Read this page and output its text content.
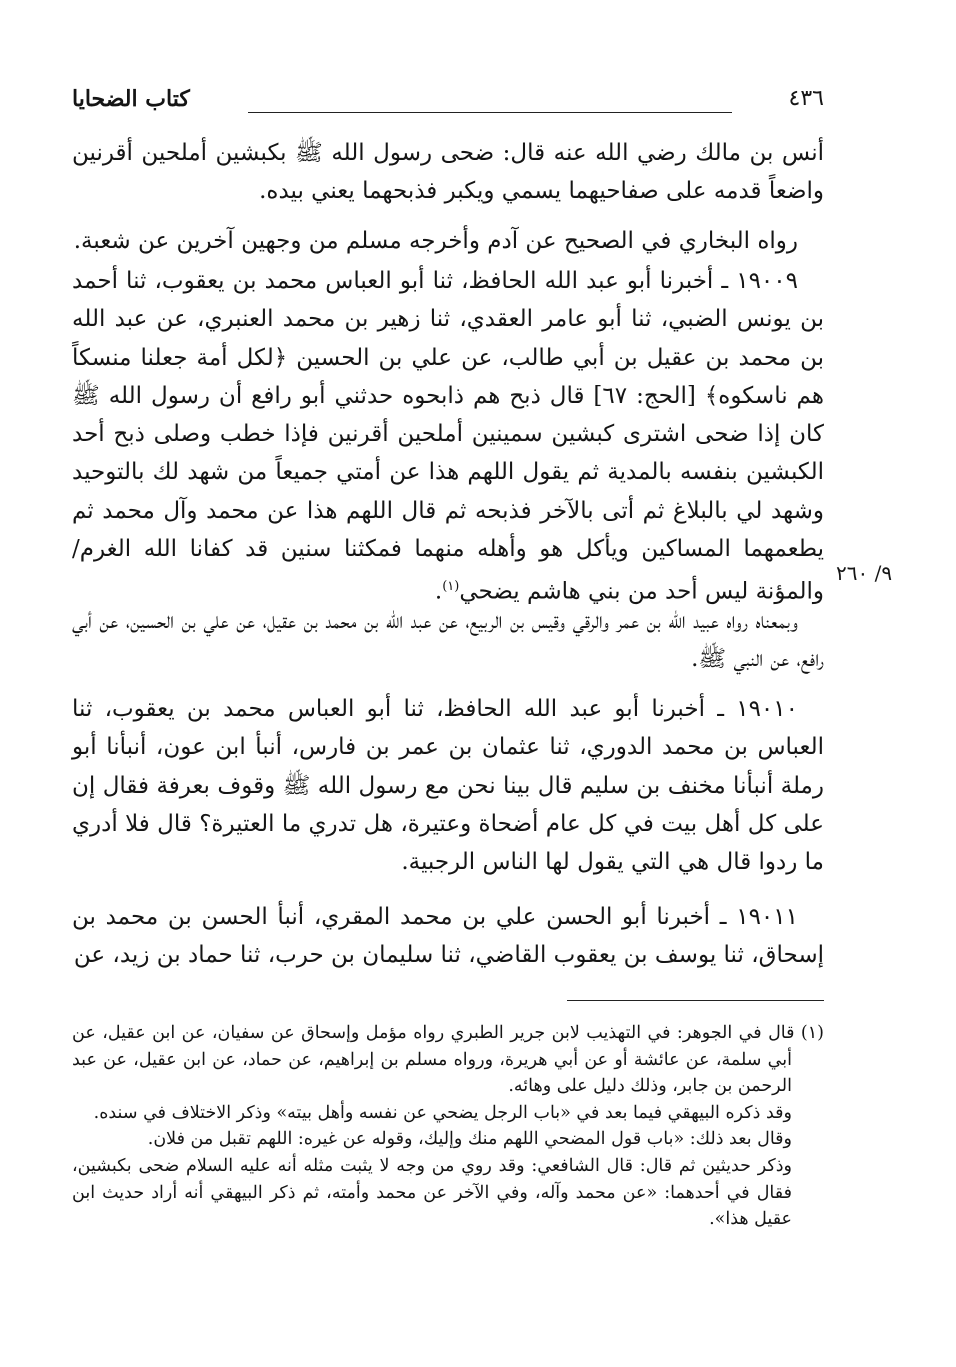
٤٣٦
كتاب الضحايا

أنس بن مالك رضي الله عنه قال: ضحى رسول الله ﷺ بكبشين أملحين أقرنين واضعاً قدمه على صفاحيهما يسمي ويكبر فذبحهما يعني بيده.

رواه البخاري في الصحيح عن آدم وأخرجه مسلم من وجهين آخرين عن شعبة.

١٩٠٠٩ ـ أخبرنا أبو عبد الله الحافظ، ثنا أبو العباس محمد بن يعقوب، ثنا أحمد بن يونس الضبي، ثنا أبو عامر العقدي، ثنا زهير بن محمد العنبري، عن عبد الله بن محمد بن عقيل بن أبي طالب، عن علي بن الحسين ﴿لكل أمة جعلنا منسكاً هم ناسكوه﴾ [الحج: ٦٧] قال ذبح هم ذابحوه حدثني أبو رافع أن رسول الله ﷺ كان إذا ضحى اشترى كبشين سمينين أملحين أقرنين فإذا خطب وصلى ذبح أحد الكبشين بنفسه بالمدية ثم يقول اللهم هذا عن أمتي جميعاً من شهد لك بالتوحيد وشهد لي بالبلاغ ثم أتى بالآخر فذبحه ثم قال اللهم هذا عن محمد وآل محمد ثم يطعمهما المساكين ويأكل هو وأهله منهما فمكثنا سنين قد كفانا الله الغرم/ والمؤنة ليس أحد من بني هاشم يضحي$^{(١)}$.

٩/ ٢٦٠

وبمعناه رواه عبيد الله بن عمر والرقي وقيس بن الربيع، عن عبد الله بن محمد بن عقيل، عن علي بن الحسين، عن أبي رافع، عن النبي ﷺ.

١٩٠١٠ ـ أخبرنا أبو عبد الله الحافظ، ثنا أبو العباس محمد بن يعقوب، ثنا العباس بن محمد الدوري، ثنا عثمان بن عمر بن فارس، أنبأ ابن عون، أنبأنا أبو رملة أنبأنا مخنف بن سليم قال بينا نحن مع رسول الله ﷺ وقوف بعرفة فقال إن على كل أهل بيت في كل عام أضحاة وعتيرة، هل تدري ما العتيرة؟ قال فلا أدري ما ردوا قال هي التي يقول لها الناس الرجبية.

١٩٠١١ ـ أخبرنا أبو الحسن علي بن محمد المقري، أنبأ الحسن بن محمد بن إسحاق، ثنا يوسف بن يعقوب القاضي، ثنا سليمان بن حرب، ثنا حماد بن زيد، عن

(١) قال في الجوهر: في التهذيب لابن جرير الطبري رواه مؤمل وإسحاق عن سفيان، عن ابن عقيل، عن أبي سلمة، عن عائشة أو عن أبي هريرة، ورواه مسلم بن إبراهيم، عن حماد، عن ابن عقيل، عن عبد الرحمن بن جابر، وذلك دليل على وهائه.

وقد ذكره البيهقي فيما بعد في «باب الرجل يضحي عن نفسه وأهل بيته» وذكر الاختلاف في سنده.

وقال بعد ذلك: «باب قول المضحي اللهم منك وإليك، وقوله عن غيره: اللهم تقبل من فلان.

وذكر حديثين ثم قال: قال الشافعي: وقد روي من وجه لا يثبت مثله أنه عليه السلام ضحى بكبشين، فقال في أحدهما: «عن محمد وآله، وفي الآخر عن محمد وأمته، ثم ذكر البيهقي أنه أراد حديث ابن عقيل هذا».
